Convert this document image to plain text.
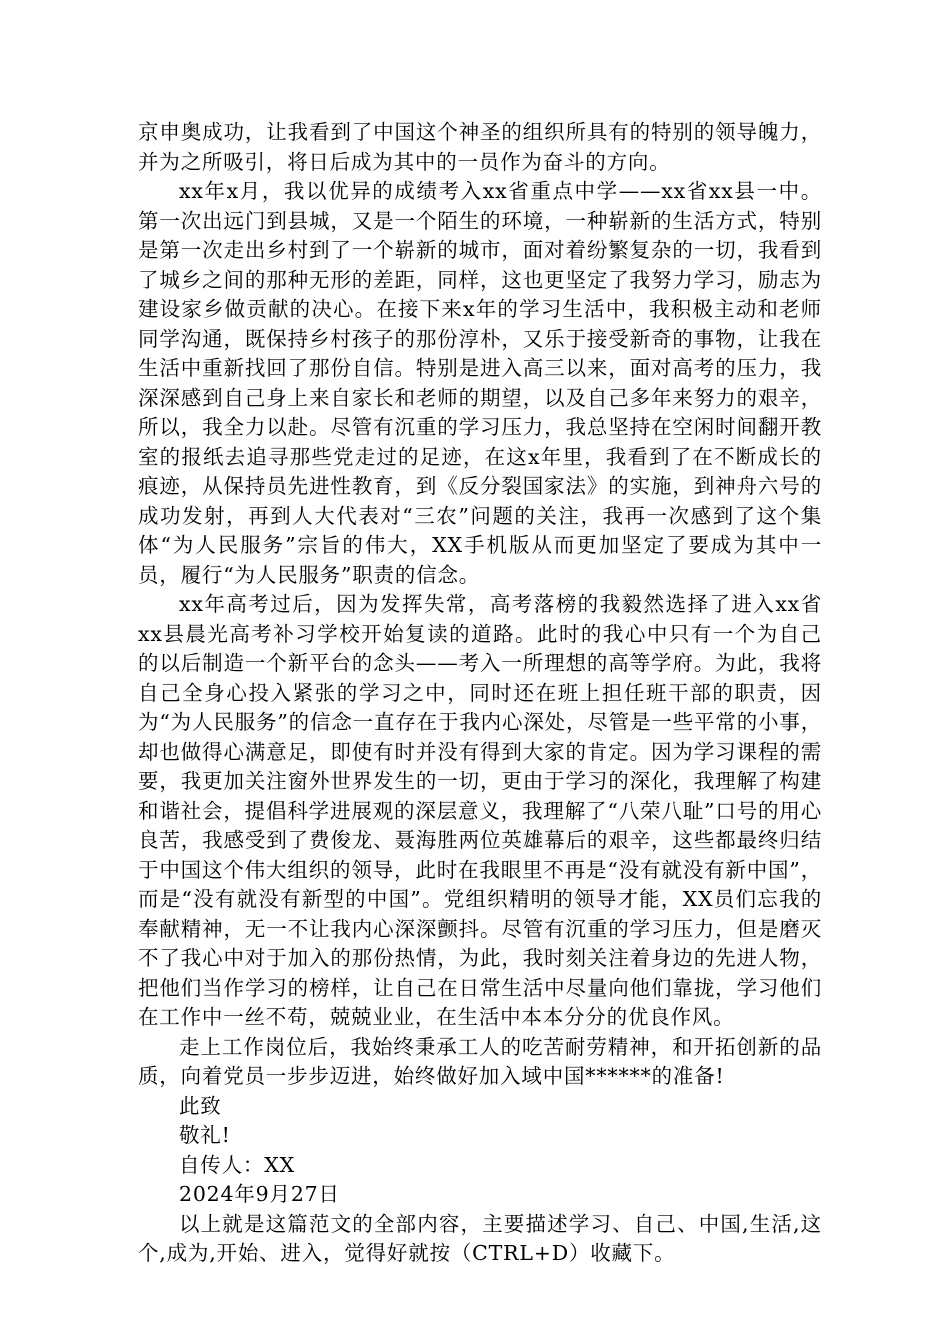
京申奥成功，让我看到了中国这个神圣的组织所具有的特别的领导魄力，并为之所吸引，将日后成为其中的一员作为奋斗的方向。

xx年x月，我以优异的成绩考入xx省重点中学——xx省xx县一中。第一次出远门到县城，又是一个陌生的环境，一种崭新的生活方式，特别是第一次走出乡村到了一个崭新的城市，面对着纷繁复杂的一切，我看到了城乡之间的那种无形的差距，同样，这也更坚定了我努力学习，励志为建设家乡做贡献的决心。在接下来x年的学习生活中，我积极主动和老师同学沟通，既保持乡村孩子的那份淳朴，又乐于接受新奇的事物，让我在生活中重新找回了那份自信。特别是进入高三以来，面对高考的压力，我深深感到自己身上来自家长和老师的期望，以及自己多年来努力的艰辛，所以，我全力以赴。尽管有沉重的学习压力，我总坚持在空闲时间翻开教室的报纸去追寻那些党走过的足迹，在这x年里，我看到了在不断成长的痕迹，从保持员先进性教育，到《反分裂国家法》的实施，到神舟六号的成功发射，再到人大代表对“三农”问题的关注，我再一次感到了这个集体“为人民服务”宗旨的伟大，XX手机版从而更加坚定了要成为其中一员，履行“为人民服务”职责的信念。

xx年高考过后，因为发挥失常，高考落榜的我毅然选择了进入xx省xx县晨光高考补习学校开始复读的道路。此时的我心中只有一个为自己的以后制造一个新平台的念头——考入一所理想的高等学府。为此，我将自己全身心投入紧张的学习之中，同时还在班上担任班干部的职责，因为“为人民服务”的信念一直存在于我内心深处，尽管是一些平常的小事，却也做得心满意足，即使有时并没有得到大家的肯定。因为学习课程的需要，我更加关注窗外世界发生的一切，更由于学习的深化，我理解了构建和谐社会，提倡科学进展观的深层意义，我理解了“八荣八耻”口号的用心良苦，我感受到了费俊龙、聂海胜两位英雄幕后的艰辛，这些都最终归结于中国这个伟大组织的领导，此时在我眼里不再是“没有就没有新中国”，而是“没有就没有新型的中国”。党组织精明的领导才能，XX员们忘我的奉献精神，无一不让我内心深深颤抖。尽管有沉重的学习压力，但是磨灭不了我心中对于加入的那份热情，为此，我时刻关注着身边的先进人物，把他们当作学习的榜样，让自己在日常生活中尽量向他们靠拢，学习他们在工作中一丝不苟，兢兢业业，在生活中本本分分的优良作风。

走上工作岗位后，我始终秉承工人的吃苦耐劳精神，和开拓创新的品质，向着党员一步步迈进，始终做好加入域中国******的准备!

此致

敬礼!

自传人：XX

2024年9月27日

以上就是这篇范文的全部内容，主要描述学习、自己、中国,生活,这个,成为,开始、进入，觉得好就按（CTRL+D）收藏下。
